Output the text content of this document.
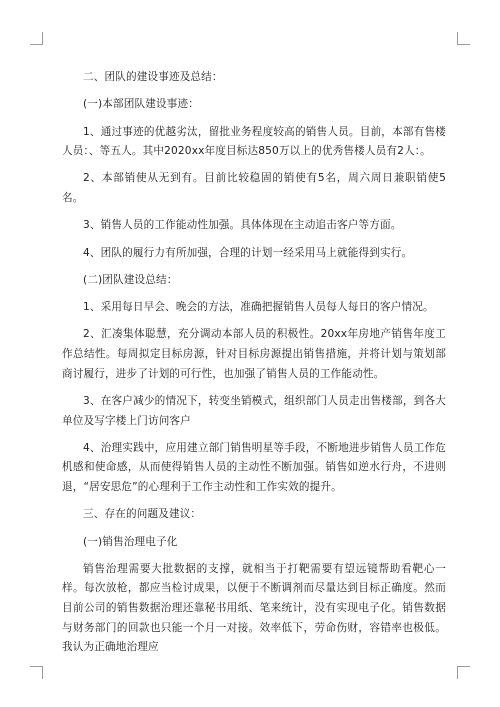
二、团队的建设事迹及总结：

(一)本部团队建设事迹：

1、通过事迹的优越劣汰，留批业务程度较高的销售人员。目前，本部有售楼人员：、等五人。其中2020xx年度目标达850万以上的优秀售楼人员有2人：。

2、本部销使从无到有。目前比较稳固的销使有5名，周六周日兼职销使5名。

3、销售人员的工作能动性加强。具体体现在主动追击客户等方面。

4、团队的履行力有所加强，合理的计划一经采用马上就能得到实行。

(二)团队建设总结：

1、采用每日早会、晚会的方法，准确把握销售人员每人每日的客户情况。

2、汇凑集体聪慧，充分调动本部人员的积极性。20xx年房地产销售年度工作总结性。每周拟定目标房源，针对目标房源提出销售措施，并将计划与策划部商讨履行，进步了计划的可行性，也加强了销售人员的工作能动性。

3、在客户减少的情况下，转变坐销模式，组织部门人员走出售楼部，到各大单位及写字楼上门访问客户

4、治理实践中，应用建立部门销售明星等手段，不断地进步销售人员工作危机感和使命感，从而使得销售人员的主动性不断加强。销售如逆水行舟，不进则退，“居安思危”的心理利于工作主动性和工作实效的提升。

三、存在的问题及建议：

(一)销售治理电子化

销售治理需要大批数据的支撑，就相当于打靶需要有望远镜帮助看靶心一样。每次放枪，都应当检讨成果，以便于不断调剂而尽量达到目标正确度。然而目前公司的销售数据治理还靠秘书用纸、笔来统计，没有实现电子化。销售数据与财务部门的回款也只能一个月一对接。效率低下，劳命伤财，容错率也极低。我认为正确地治理应
